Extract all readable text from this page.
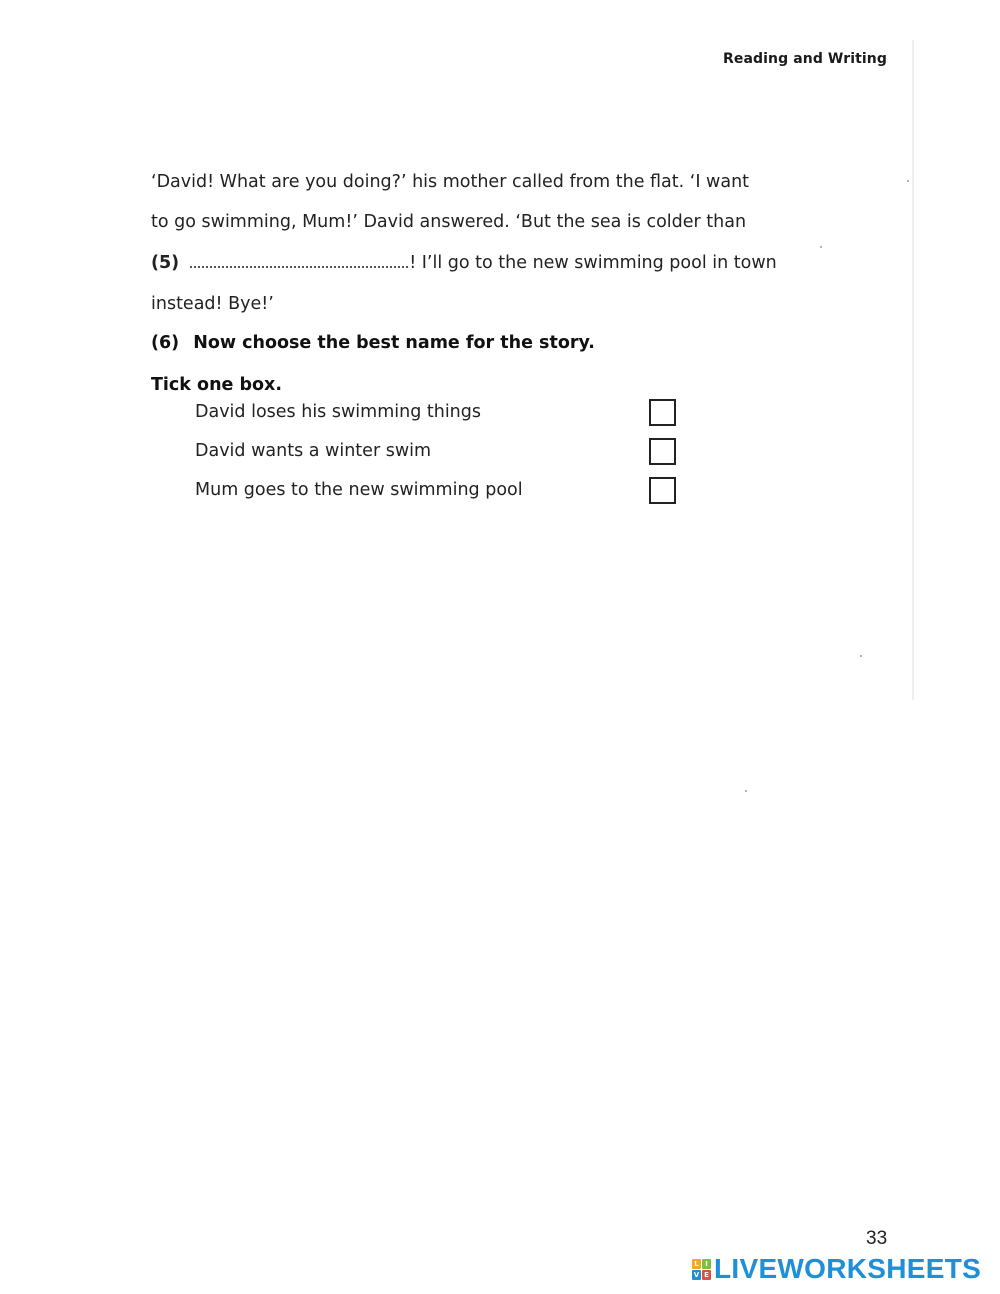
Reading and Writing
‘David! What are you doing?’ his mother called from the flat. ‘I want
to go swimming, Mum!’ David answered. ‘But the sea is colder than
(5)	! I’ll go to the new swimming pool in town
instead! Bye!’
(6) Now choose the best name for the story.
Tick one box.
David loses his swimming things
David wants a winter swim
Mum goes to the new swimming pool
33
L I
V E LIVEWORKSHEETS
